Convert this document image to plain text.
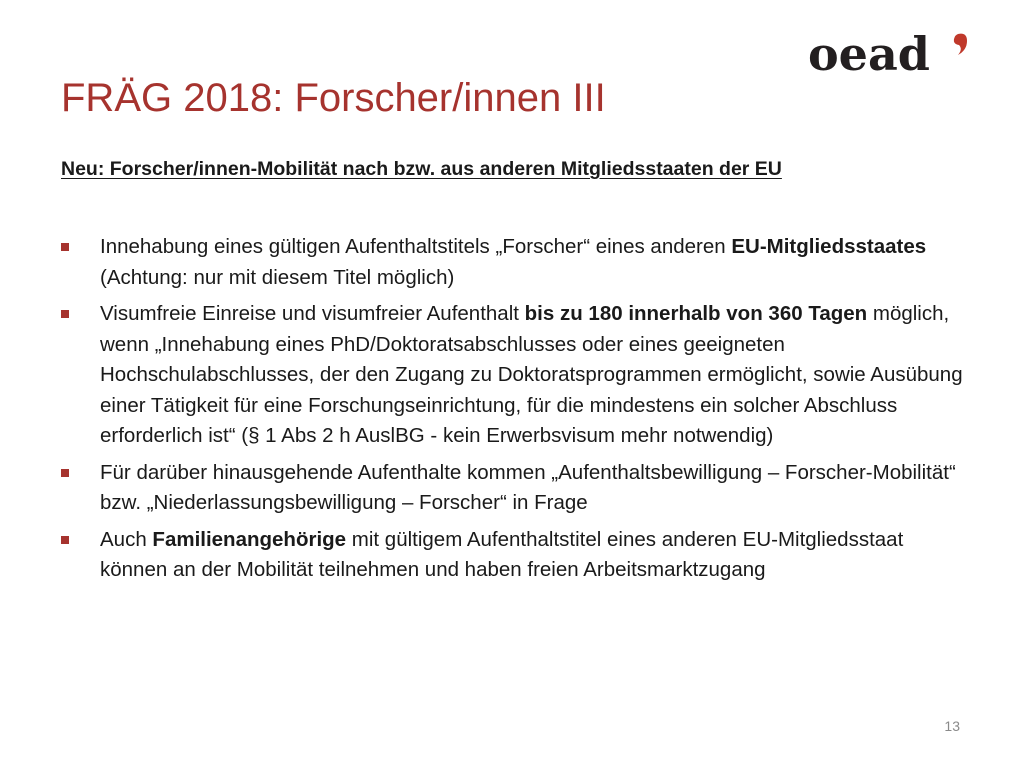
oead
FRÄG 2018: Forscher/innen III

Neu: Forscher/innen-Mobilität nach bzw. aus anderen Mitgliedsstaaten der EU

Innehabung eines gültigen Aufenthaltstitels „Forscher“ eines anderen EU-Mitgliedsstaates (Achtung: nur mit diesem Titel möglich)
Visumfreie Einreise und visumfreier Aufenthalt bis zu 180 innerhalb von 360 Tagen möglich, wenn „Innehabung eines PhD/Doktoratsabschlusses oder eines geeigneten Hochschulabschlusses, der den Zugang zu Doktoratsprogrammen ermöglicht, sowie Ausübung einer Tätigkeit für eine Forschungseinrichtung, für die mindestens ein solcher Abschluss erforderlich ist“ (§ 1 Abs 2 h AuslBG - kein Erwerbsvisum mehr notwendig)
Für darüber hinausgehende Aufenthalte kommen „Aufenthaltsbewilligung – Forscher-Mobilität“ bzw. „Niederlassungsbewilligung – Forscher“ in Frage
Auch Familienangehörige mit gültigem Aufenthaltstitel eines anderen EU-Mitgliedsstaat können an der Mobilität teilnehmen und haben freien Arbeitsmarktzugang
13
